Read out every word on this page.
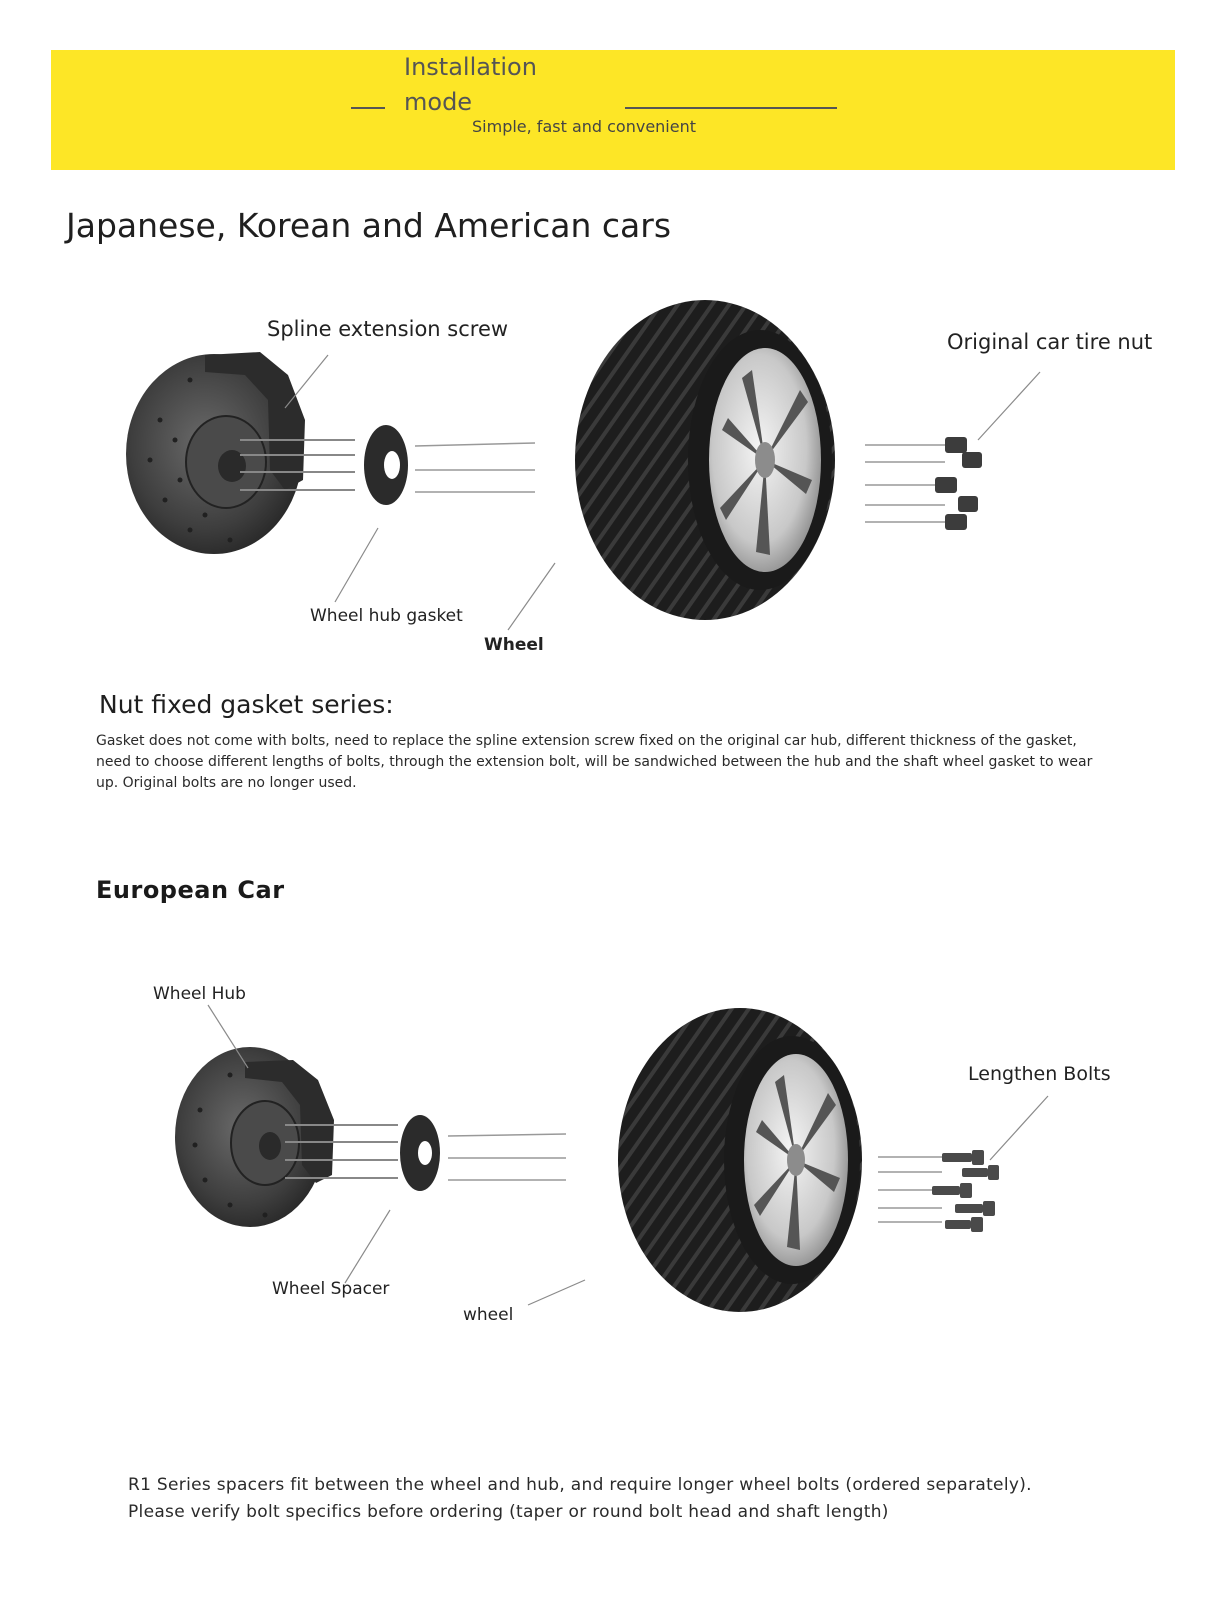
Installation
mode
Simple, fast and convenient
Japanese, Korean and American cars
Spline extension screw
Original car tire nut
Wheel hub gasket
Wheel
Nut fixed gasket series:
Gasket does not come with bolts, need to replace the spline extension screw fixed on the original car hub, different thickness of the gasket, need to choose different lengths of bolts, through the extension bolt, will be sandwiched between the hub and the shaft wheel gasket to wear up. Original bolts are no longer used.
European Car
Wheel Hub
Lengthen Bolts
Wheel Spacer
wheel
R1 Series spacers fit between the wheel and hub, and require longer wheel bolts (ordered separately).
Please verify bolt specifics before ordering (taper or round bolt head and shaft length)
